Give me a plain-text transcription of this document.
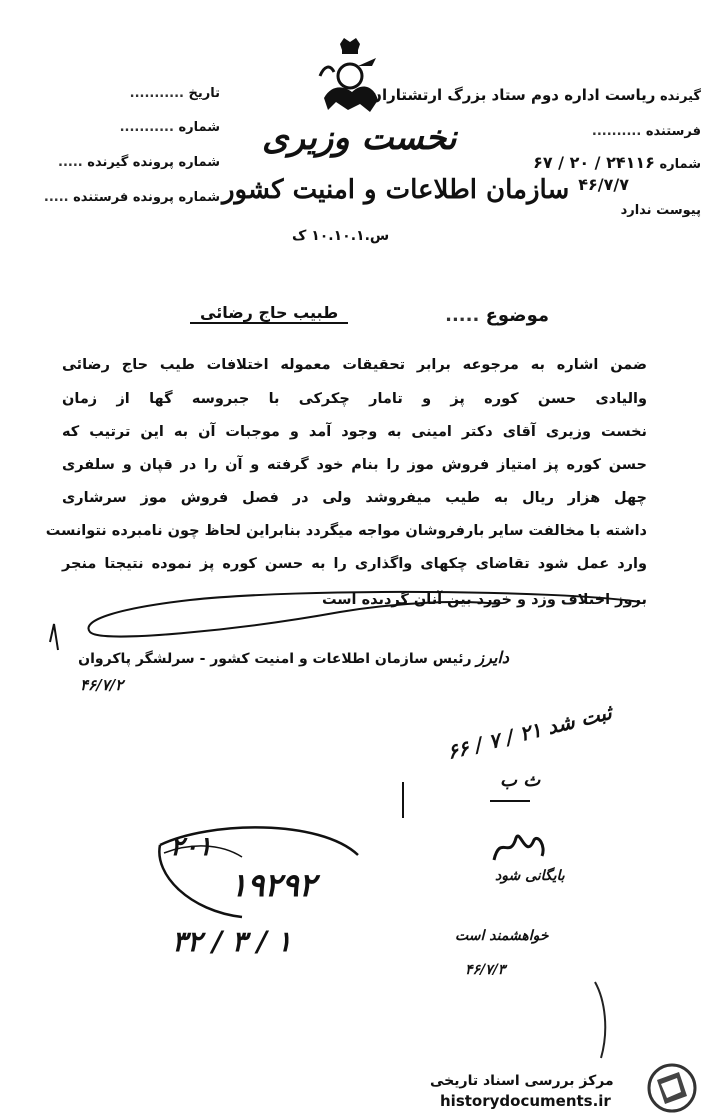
گیرنده ریاست اداره دوم ستاد بزرگ ارتشتاران
فرستنده ..........
شماره ۲۴۱۱۶ / ۲۰ / ۶۷
۴۶/۷/۷
پیوست ندارد
تاریخ ...........
شماره ...........
شماره پرونده گیرنده .....
شماره پرونده فرستنده .....
نخست وزیری
سازمان اطلاعات و امنیت کشور
س.۱۰.۱۰.۱ ک
موضوع .....
طبیب حاج رضائی
ضمن اشاره به مرجوعه برابر تحقیقات معموله اختلافات طیب حاج رضائی
والیادی حسن کوره پز و تامار چکرکی با جبروسه گها از زمان
نخست وزیری آقای دکتر امینی به وجود آمد و موجبات آن به این ترتیب که
حسن کوره پز امتیاز فروش موز را بنام خود گرفته و آن را در قپان و سلفری
چهل هزار ریال به طیب میفروشد ولی در فصل فروش موز سرشاری
داشته با مخالفت سایر بارفروشان مواجه میگردد بنابراین لحاظ چون نامبرده نتوانست
وارد عمل شود تقاضای چکهای واگذاری را به حسن کوره پز نموده نتیجتا منجر
بروز اختلاف وزد و خورد بین آنان گردیده است
دایرز رئیس سازمان اطلاعات و امنیت کشور - سرلشگر پاکروان
۴۶/۷/۲
ثبت شد ۲۱ / ۷ / ۶۶
ث ب
بایگانی شود
خواهشمند است
۴۶/۷/۳
۲۰۱
۱۹۲۹۲
۳۲ / ۳ / ۱
مرکز بررسی اسناد تاریخی
historydocuments.ir
